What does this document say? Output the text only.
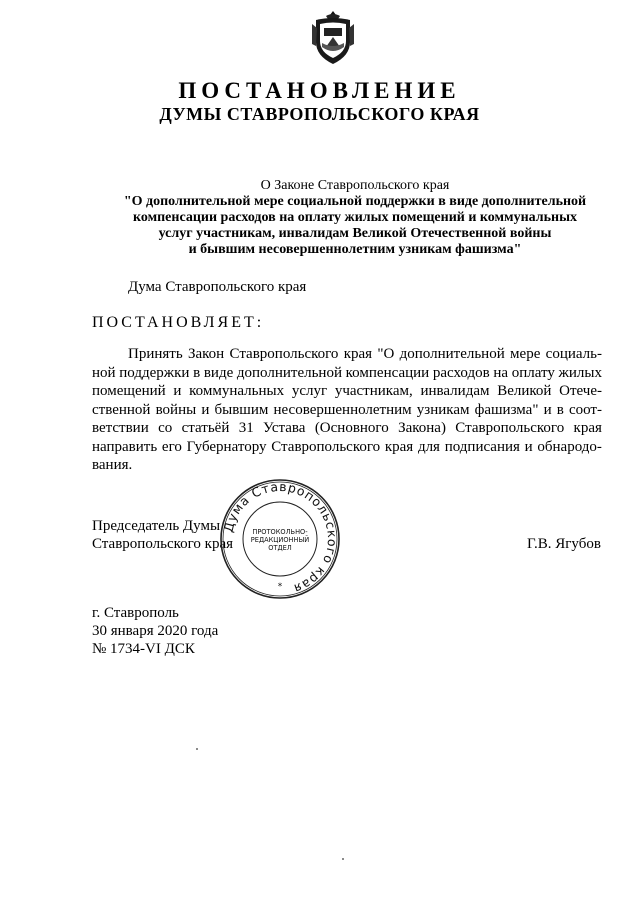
ПОСТАНОВЛЕНИЕ
ДУМЫ СТАВРОПОЛЬСКОГО КРАЯ
О Законе Ставропольского края
"О дополнительной мере социальной поддержки в виде дополнительной
компенсации расходов на оплату жилых помещений и коммунальных
услуг участникам, инвалидам Великой Отечественной войны
и бывшим несовершеннолетним узникам фашизма"
Дума Ставропольского края
ПОСТАНОВЛЯЕТ:
Принять Закон Ставропольского края "О дополнительной мере социаль-
ной поддержки в виде дополнительной компенсации расходов на оплату жилых
помещений и коммунальных услуг участникам, инвалидам Великой Отече-
ственной войны и бывшим несовершеннолетним узникам фашизма" и в соот-
ветствии со статьёй 31 Устава (Основного Закона) Ставропольского края
направить его Губернатору Ставропольского края для подписания и обнародо-
вания.
Председатель Думы
Ставропольского края	Г.В. Ягубов
Дума Ставропольского края
ПРОТОКОЛЬНО-
РЕДАКЦИОННЫЙ
ОТДЕЛ
*
г. Ставрополь
30 января 2020 года
№ 1734-VI ДСК
